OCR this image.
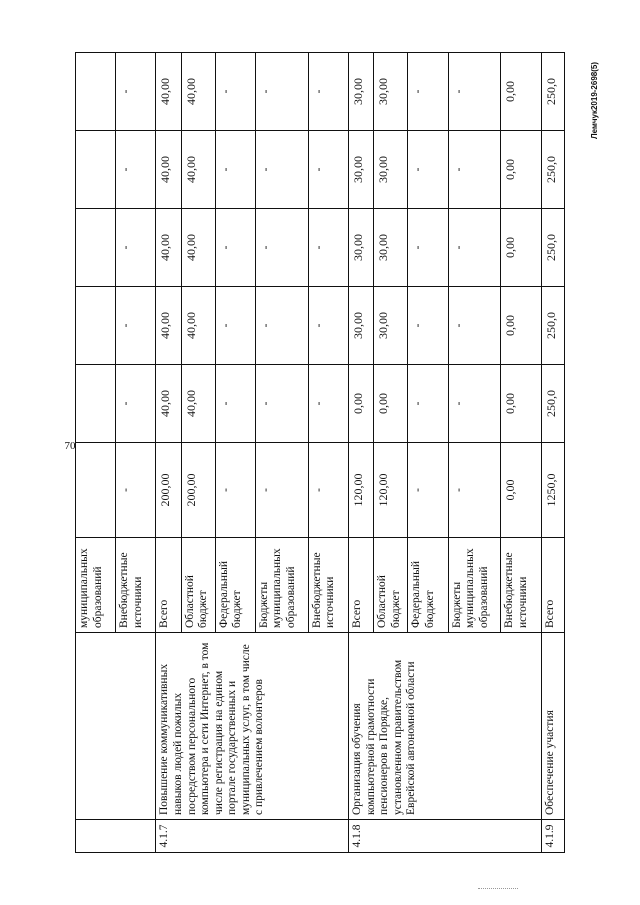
70
		муниципальных образований						
		Внебюджетные источники	-	-	-	-	-	-
4.1.7	Повышение коммуникативных навыков людей пожилых посредством персонального компьютера и сети Интернет, в том числе регистрация на едином портале государственных и муниципальных услуг, в том числе с привлечением волонтеров	Всего	200,00	40,00	40,00	40,00	40,00	40,00
		Областной бюджет	200,00	40,00	40,00	40,00	40,00	40,00
		Федеральный бюджет	-	-	-	-	-	-
		Бюджеты муниципальных образований	-	-	-	-	-	-
		Внебюджетные источники	-	-	-	-	-	-
4.1.8	Организация обучения компьютерной грамотности пенсионеров в Порядке, установленном правительством Еврейской автономной области	Всего	120,00	0,00	30,00	30,00	30,00	30,00
		Областной бюджет	120,00	0,00	30,00	30,00	30,00	30,00
		Федеральный бюджет	-	-	-	-	-	-
		Бюджеты муниципальных образований	-	-	-	-	-	-
		Внебюджетные источники	0,00	0,00	0,00	0,00	0,00	0,00
4.1.9	Обеспечение участия	Всего	1250,0	250,0	250,0	250,0	250,0	250,0	Лемчук2019-2698(5)
